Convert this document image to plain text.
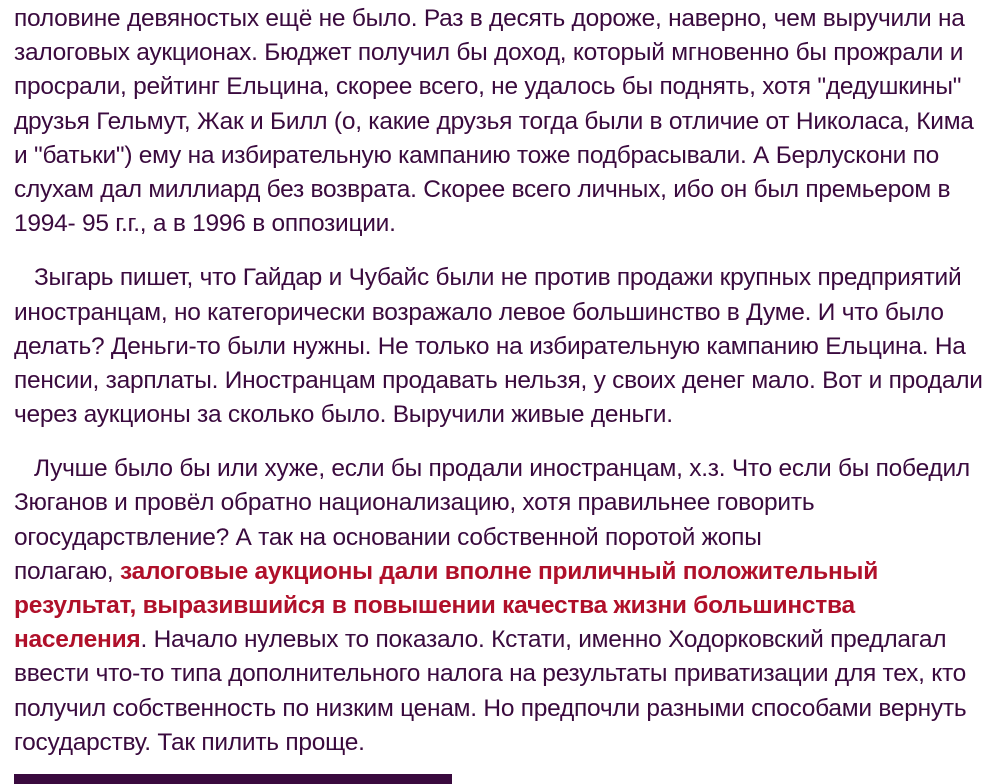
половине девяностых ещё не было. Раз в десять дороже, наверно, чем выручили на
залоговых аукционах. Бюджет получил бы доход, который мгновенно бы прожрали и
просрали, рейтинг Ельцина, скорее всего, не удалось бы поднять, хотя "дедушкины"
друзья Гельмут, Жак и Билл (о, какие друзья тогда были в отличие от Николаса, Кима
и "батьки") ему на избирательную кампанию тоже подбрасывали. А Берлускони по
слухам дал миллиард без возврата. Скорее всего личных, ибо он был премьером в
1994- 95 г.г., а в 1996 в оппозиции.

Зыгарь пишет, что Гайдар и Чубайс были не против продажи крупных предприятий
иностранцам, но категорически возражало левое большинство в Думе. И что было
делать? Деньги-то были нужны. Не только на избирательную кампанию Ельцина. На
пенсии, зарплаты. Иностранцам продавать нельзя, у своих денег мало. Вот и продали
через аукционы за сколько было. Выручили живые деньги.

Лучше было бы или хуже, если бы продали иностранцам, х.з. Что если бы победил
Зюганов и провёл обратно национализацию, хотя правильнее говорить
огосударствление? А так на основании собственной поротой жопы
полагаю, залоговые аукционы дали вполне приличный положительный
результат, выразившийся в повышении качества жизни большинства
населения. Начало нулевых то показало. Кстати, именно Ходорковский предлагал
ввести что-то типа дополнительного налога на результаты приватизации для тех, кто
получил собственность по низким ценам. Но предпочли разными способами вернуть
государству. Так пилить проще.
